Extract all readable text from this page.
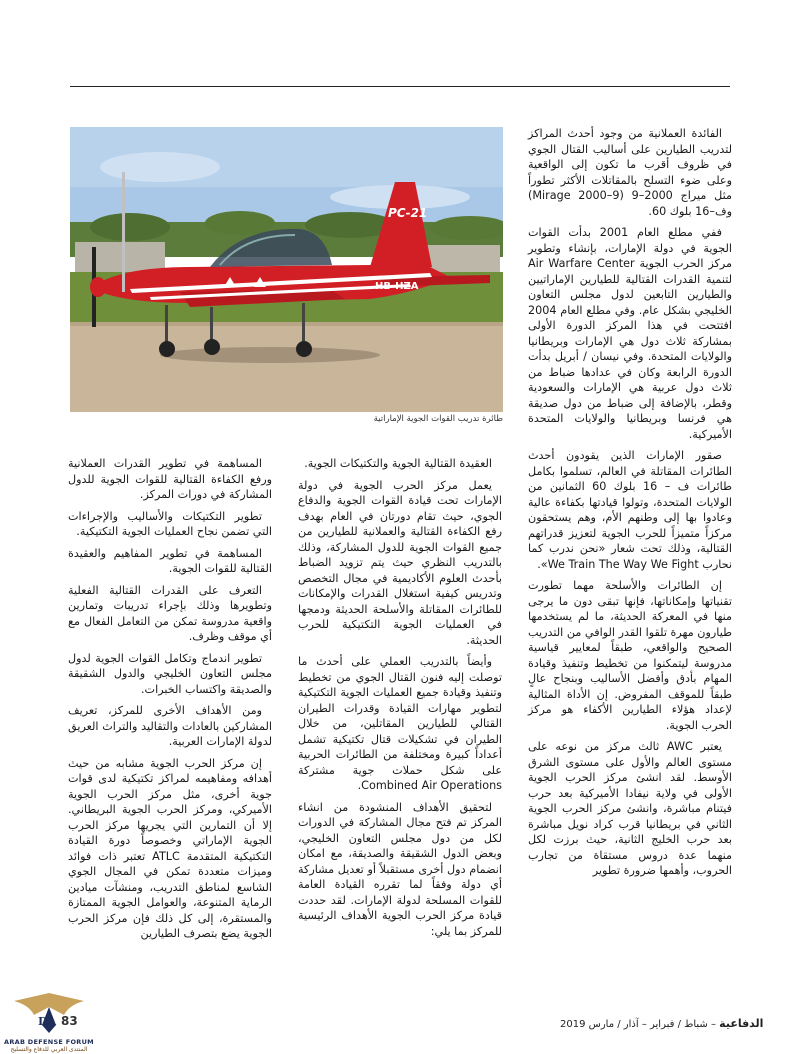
HB-HZA
PC-21
طائرة تدريب القوات الجوية الإماراتية

الفائدة العملانية من وجود أحدث المراكز لتدريب الطيارين على أساليب القتال الجوي في ظروف أقرب ما تكون إلى الواقعية وعلى ضوء التسلح بالمقاتلات الأكثر تطوراً مثل ميراج 2000–9 (Mirage 2000–9) وف–16 بلوك 60.

ففي مطلع العام 2001 بدأت القوات الجوية في دولة الإمارات، بإنشاء وتطوير مركز الحرب الجوية Air Warfare Center لتنمية القدرات القتالية للطيارين الإماراتيين والطيارين التابعين لدول مجلس التعاون الخليجي بشكل عام. وفي مطلع العام 2004 افتتحت في هذا المركز الدورة الأولى بمشاركة ثلاث دول هي الإمارات وبريطانيا والولايات المتحدة. وفي نيسان / أبريل بدأت الدورة الرابعة وكان في عدادها ضباط من ثلاث دول عربية هي الإمارات والسعودية وقطر، بالإضافة إلى ضباط من دول صديقة هي فرنسا وبريطانيا والولايات المتحدة الأميركية.

صقور الإمارات الذين يقودون أحدث الطائرات المقاتلة في العالم، تسلموا بكامل طائرات ف – 16 بلوك 60 الثمانين من الولايات المتحدة، وتولوا قيادتها بكفاءة عالية وعادوا بها إلى وطنهم الأم، وهم يستحقون مركزاً متميزاً للحرب الجوية لتعزيز قدراتهم القتالية، وذلك تحت شعار «نحن ندرب كما نحارب We Train The Way We Fight».

إن الطائرات والأسلحة مهما تطورت تقنياتها وإمكاناتها، فإنها تبقى دون ما يرجى منها في المعركة الحديثة، ما لم يستخدمها طيارون مهرة تلقوا القدر الوافي من التدريب الصحيح والواقعي، طبقاً لمعايير قياسية مدروسة ليتمكنوا من تخطيط وتنفيذ وقيادة المهام بأدق وأفضل الأساليب وبنجاح عالٍ طبقاً للموقف المفروض. إن الأداة المثالية لإعداد هؤلاء الطيارين الأكفاء هو مركز الحرب الجوية.

يعتبر AWC ثالث مركز من نوعه على مستوى العالم والأول على مستوى الشرق الأوسط. لقد انشئ مركز الحرب الجوية الأولى في ولاية نيفادا الأميركية بعد حرب فيتنام مباشرة، وانشئ مركز الحرب الجوية الثاني في بريطانيا قرب كراد نويل مباشرة بعد حرب الخليج الثانية، حيث برزت لكل منهما عدة دروس مستقاة من تجارب الحروب، وأهمها ضرورة تطوير

العقيدة القتالية الجوية والتكتيكات الجوية.

يعمل مركز الحرب الجوية في دولة الإمارات تحت قيادة القوات الجوية والدفاع الجوي، حيث تقام دورتان في العام بهدف رفع الكفاءة القتالية والعملانية للطيارين من جميع القوات الجوية للدول المشاركة، وذلك بالتدريب النظري حيث يتم تزويد الضباط بأحدث العلوم الأكاديمية في مجال التخصص وتدريس كيفية استغلال القدرات والإمكانات للطائرات المقاتلة والأسلحة الحديثة ودمجها في العمليات الجوية التكتيكية للحرب الحديثة.

وأيضاً بالتدريب العملي على أحدث ما توصلت إليه فنون القتال الجوي من تخطيط وتنفيذ وقيادة جميع العمليات الجوية التكتيكية لتطوير مهارات القيادة وقدرات الطيران القتالي للطيارين المقاتلين، من خلال الطيران في تشكيلات قتال تكتيكية تشمل أعداداً كبيرة ومختلفة من الطائرات الحربية على شكل حملات جوية مشتركة Combined Air Operations.

لتحقيق الأهداف المنشودة من انشاء المركز تم فتح مجال المشاركة في الدورات لكل من دول مجلس التعاون الخليجي، وبعض الدول الشقيقة والصديقة، مع امكان انضمام دول أخرى مستقبلاً أو تعديل مشاركة أي دولة وفقاً لما تقرره القيادة العامة للقوات المسلحة لدولة الإمارات. لقد حددت قيادة مركز الحرب الجوية الأهداف الرئيسية للمركز بما يلي:

المساهمة في تطوير القدرات العملانية ورفع الكفاءة القتالية للقوات الجوية للدول المشاركة في دورات المركز.

تطوير التكتيكات والأساليب والإجراءات التي تضمن نجاح العمليات الجوية التكتيكية.

المساهمة في تطوير المفاهيم والعقيدة القتالية للقوات الجوية.

التعرف على القدرات القتالية الفعلية وتطويرها وذلك بإجراء تدريبات وتمارين واقعية مدروسة تمكن من التعامل الفعال مع أي موقف وظرف.

تطوير اندماج وتكامل القوات الجوية لدول مجلس التعاون الخليجي والدول الشقيقة والصديقة واكتساب الخبرات.

ومن الأهداف الأخرى للمركز، تعريف المشاركين بالعادات والتقاليد والتراث العريق لدولة الإمارات العربية.

إن مركز الحرب الجوية مشابه من حيث أهدافه ومفاهيمه لمراكز تكتيكية لدى قوات جوية أخرى، مثل مركز الحرب الجوية الأميركي، ومركز الحرب الجوية البريطاني. إلا أن التمارين التي يجريها مركز الحرب الجوية الإماراتي وخصوصاً دورة القيادة التكتيكية المتقدمة ATLC تعتبر ذات فوائد وميزات متعددة تمكن في المجال الجوي الشاسع لمناطق التدريب، ومنشآت ميادين الرماية المتنوعة، والعوامل الجوية الممتازة والمستقرة، إلى كل ذلك فإن مركز الحرب الجوية يضع بتصرف الطيارين

الدفاعية – شباط / فبراير – آذار / مارس 2019
DA 83
ARAB DEFENSE FORUM
المنتدى العربي للدفاع والتسليح
